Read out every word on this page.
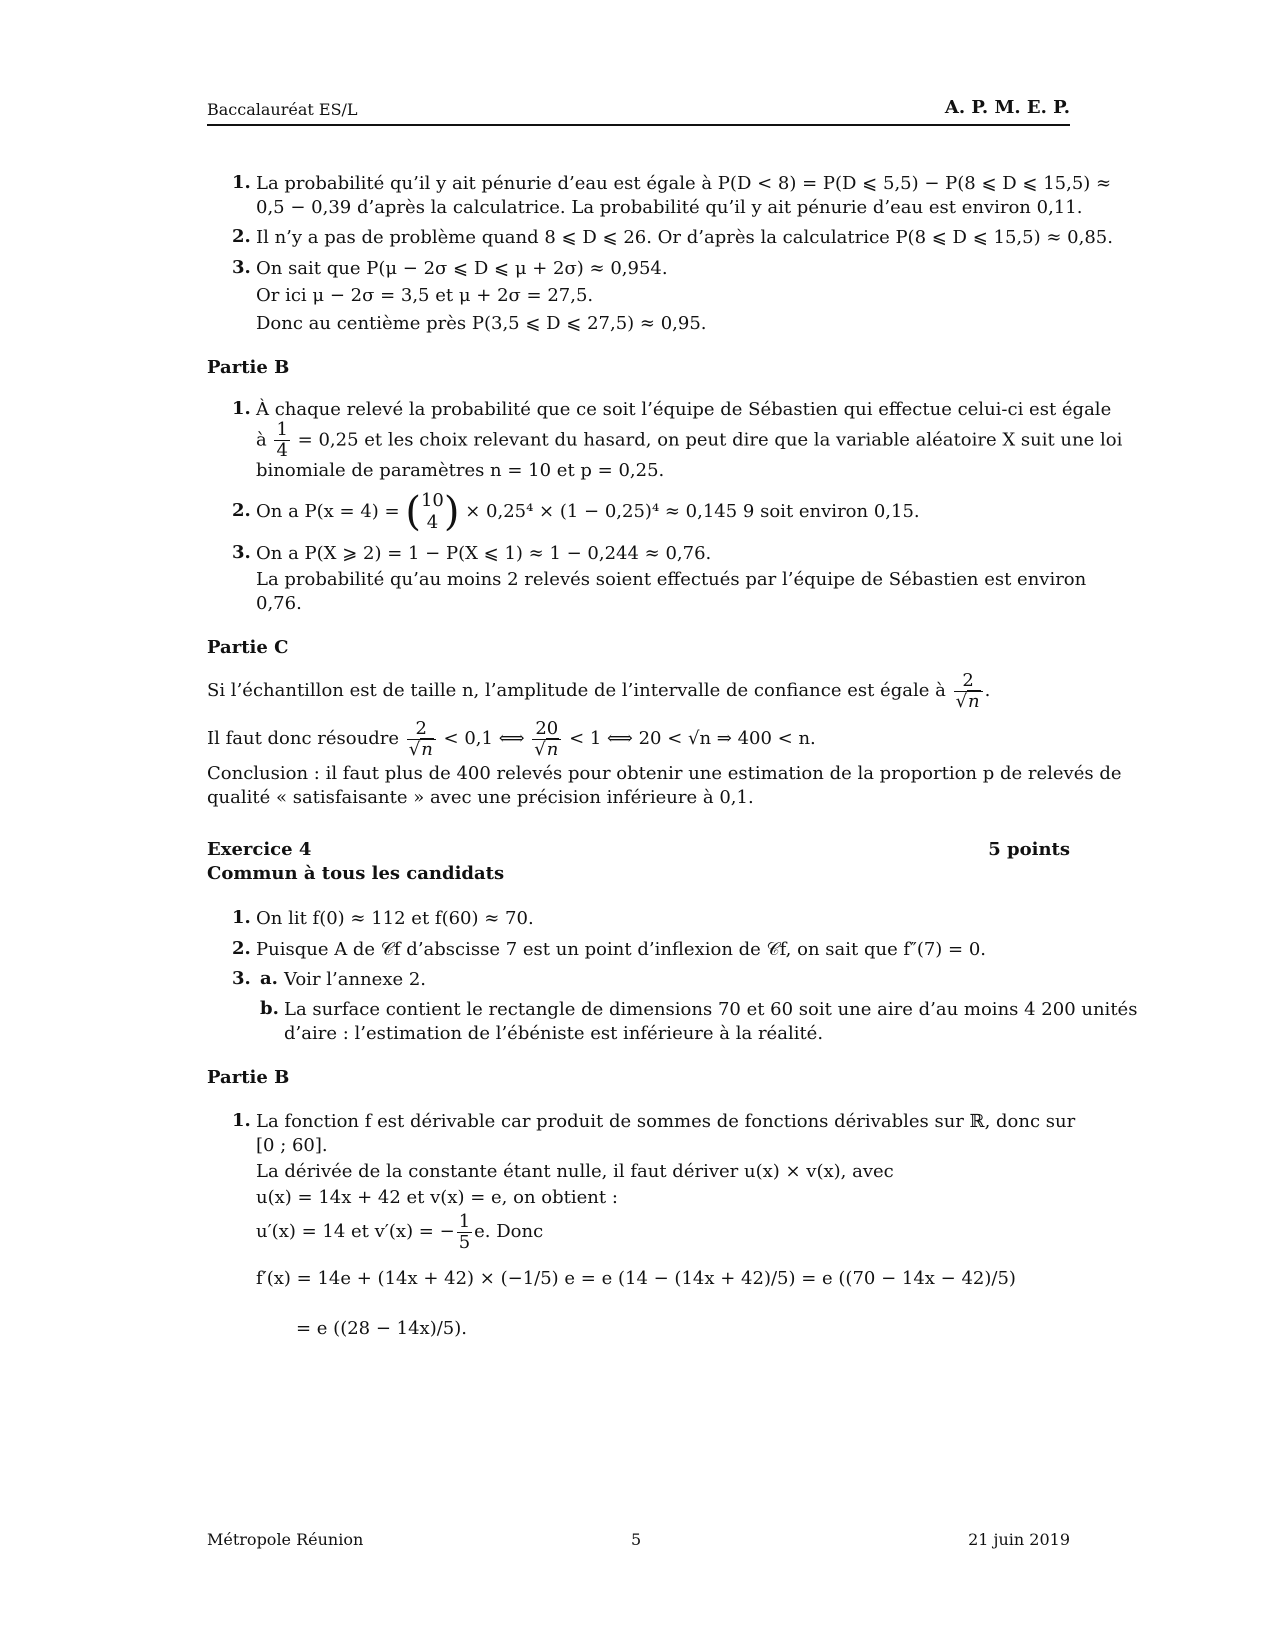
Baccalauréat ES/L	A. P. M. E. P.
1. La probabilité qu’il y ait pénurie d’eau est égale à P(D < 8) = P(D ⩽ 5,5) − P(8 ⩽ D ⩽ 15,5) ≈
0,5 − 0,39 d’après la calculatrice. La probabilité qu’il y ait pénurie d’eau est environ 0,11.
2. Il n’y a pas de problème quand 8 ⩽ D ⩽ 26. Or d’après la calculatrice P(8 ⩽ D ⩽ 15,5) ≈ 0,85.
3. On sait que P(μ − 2σ ⩽ D ⩽ μ + 2σ) ≈ 0,954.
Or ici μ − 2σ = 3,5 et μ + 2σ = 27,5.
Donc au centième près P(3,5 ⩽ D ⩽ 27,5) ≈ 0,95.
Partie B
1. À chaque relevé la probabilité que ce soit l’équipe de Sébastien qui effectue celui-ci est égale
à $\frac{1}{4} = 0,25$ et les choix relevant du hasard, on peut dire que la variable aléatoire X suit une loi
binomiale de paramètres n = 10 et p = 0,25.
2. On a P(x = 4) = (10
4 ) × 0,25⁴ × (1 − 0,25)⁴ ≈ 0,145 9 soit environ 0,15.
3. On a P(X ⩾ 2) = 1 − P(X ⩽ 1) ≈ 1 − 0,244 ≈ 0,76.
La probabilité qu’au moins 2 relevés soient effectués par l’équipe de Sébastien est environ
0,76.
Partie C
Si l’échantillon est de taille n, l’amplitude de l’intervalle de confiance est égale à $\frac{2}{√n}$ .
Il faut donc résoudre $\frac{2}{√n} < 0,1$ ⟺ $\frac{20}{√n} < 1$ ⟺ 20 < √n ⇒ 400 < n.
Conclusion : il faut plus de 400 relevés pour obtenir une estimation de la proportion p de relevés de
qualité « satisfaisante » avec une précision inférieure à 0,1.
Exercice 4	5 points
Commun à tous les candidats
1. On lit f(0) ≈ 112 et f(60) ≈ 70.
2. Puisque A de 𝒞f d’abscisse 7 est un point d’inflexion de 𝒞f, on sait que f″(7) = 0.
3. a. Voir l’annexe 2.
b. La surface contient le rectangle de dimensions 70 et 60 soit une aire d’au moins 4 200 unités
d’aire : l’estimation de l’ébéniste est inférieure à la réalité.
Partie B
1. La fonction f est dérivable car produit de sommes de fonctions dérivables sur ℝ, donc sur
[0 ; 60].
La dérivée de la constante étant nulle, il faut dériver u(x) × v(x), avec
u(x) = 14x + 42 et v(x) = e, on obtient :
u′(x) = 14 et v′(x) = − $\frac{1}{5} e$. Donc
f′(x) = 14e + (14x + 42) × (−1/5) e = e (14 − (14x + 42)/5) = e ((70 − 14x − 42)/5)
= e ((28 − 14x)/5).
Métropole Réunion	5	21 juin 2019
